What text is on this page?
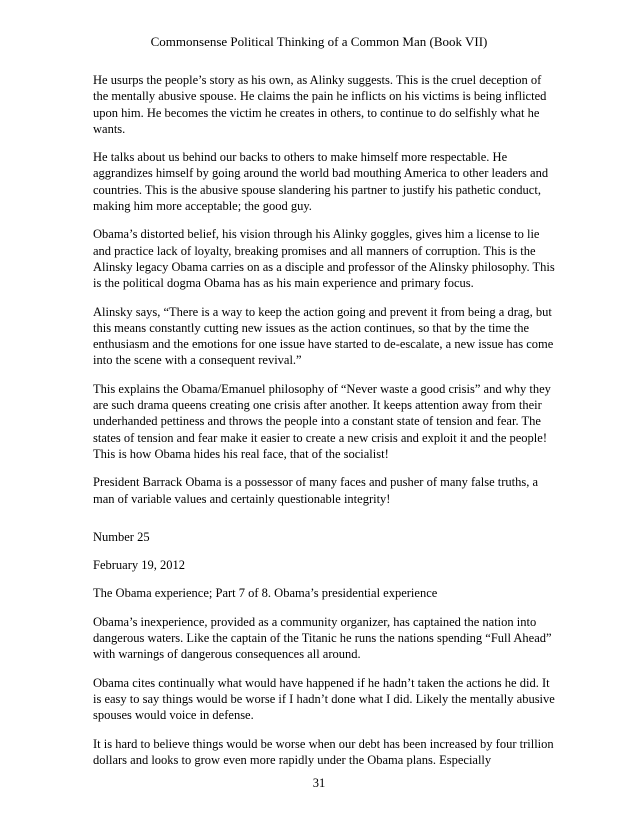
Commonsense Political Thinking of a Common Man (Book VII)

He usurps the people’s story as his own, as Alinky suggests. This is the cruel deception of the mentally abusive spouse. He claims the pain he inflicts on his victims is being inflicted upon him. He becomes the victim he creates in others, to continue to do selfishly what he wants.

He talks about us behind our backs to others to make himself more respectable. He aggrandizes himself by going around the world bad mouthing America to other leaders and countries. This is the abusive spouse slandering his partner to justify his pathetic conduct, making him more acceptable; the good guy.

Obama’s distorted belief, his vision through his Alinky goggles, gives him a license to lie and practice lack of loyalty, breaking promises and all manners of corruption. This is the Alinsky legacy Obama carries on as a disciple and professor of the Alinsky philosophy. This is the political dogma Obama has as his main experience and primary focus.

Alinsky says, “There is a way to keep the action going and prevent it from being a drag, but this means constantly cutting new issues as the action continues, so that by the time the enthusiasm and the emotions for one issue have started to de-escalate, a new issue has come into the scene with a consequent revival.”

This explains the Obama/Emanuel philosophy of “Never waste a good crisis” and why they are such drama queens creating one crisis after another. It keeps attention away from their underhanded pettiness and throws the people into a constant state of tension and fear. The states of tension and fear make it easier to create a new crisis and exploit it and the people! This is how Obama hides his real face, that of the socialist!

President Barrack Obama is a possessor of many faces and pusher of many false truths, a man of variable values and certainly questionable integrity!

Number 25

February 19, 2012

The Obama experience; Part 7 of 8. Obama’s presidential experience

Obama’s inexperience, provided as a community organizer, has captained the nation into dangerous waters. Like the captain of the Titanic he runs the nations spending “Full Ahead” with warnings of dangerous consequences all around.

Obama cites continually what would have happened if he hadn’t taken the actions he did. It is easy to say things would be worse if I hadn’t done what I did. Likely the mentally abusive spouses would voice in defense.

It is hard to believe things would be worse when our debt has been increased by four trillion dollars and looks to grow even more rapidly under the Obama plans. Especially

31
